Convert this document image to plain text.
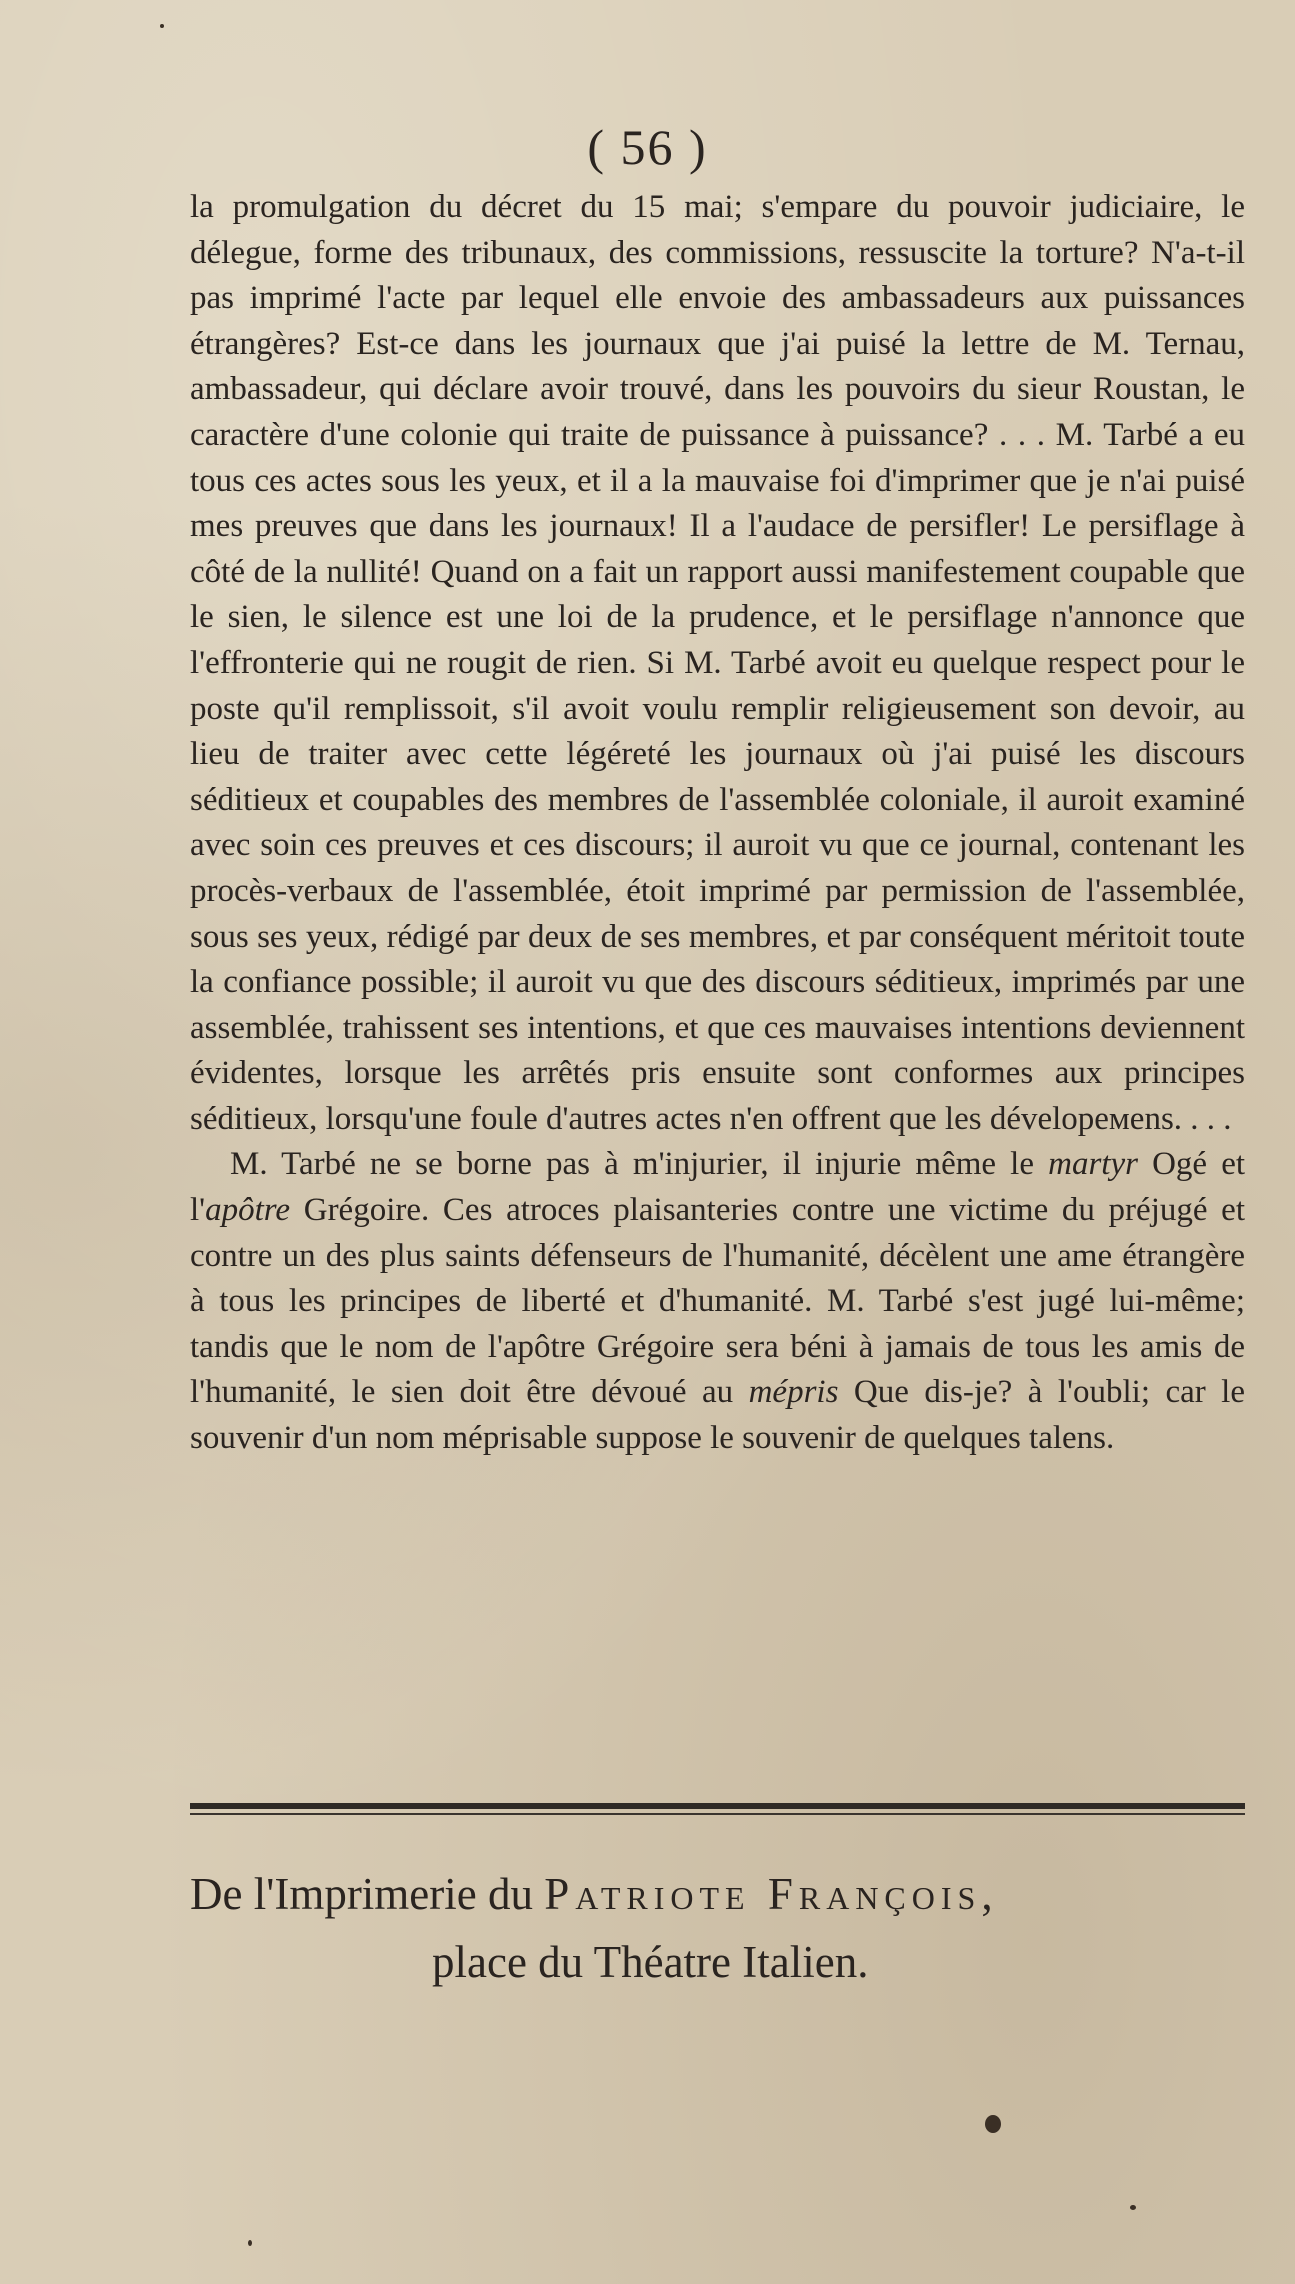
( 56 )

la promulgation du décret du 15 mai; s'empare du pouvoir judiciaire, le délegue, forme des tribunaux, des commissions, ressuscite la torture? N'a-t-il pas imprimé l'acte par lequel elle envoie des ambassadeurs aux puissances étrangères? Est-ce dans les journaux que j'ai puisé la lettre de M. Ternau, ambassadeur, qui déclare avoir trouvé, dans les pouvoirs du sieur Roustan, le caractère d'une colonie qui traite de puissance à puissance? . . . M. Tarbé a eu tous ces actes sous les yeux, et il a la mauvaise foi d'imprimer que je n'ai puisé mes preuves que dans les journaux! Il a l'audace de persifler! Le persiflage à côté de la nullité! Quand on a fait un rapport aussi manifestement coupable que le sien, le silence est une loi de la prudence, et le persiflage n'annonce que l'effronterie qui ne rougit de rien. Si M. Tarbé avoit eu quelque respect pour le poste qu'il remplissoit, s'il avoit voulu remplir religieusement son devoir, au lieu de traiter avec cette légéreté les journaux où j'ai puisé les discours séditieux et coupables des membres de l'assemblée coloniale, il auroit examiné avec soin ces preuves et ces discours; il auroit vu que ce journal, contenant les procès-verbaux de l'assemblée, étoit imprimé par permission de l'assemblée, sous ses yeux, rédigé par deux de ses membres, et par conséquent méritoit toute la confiance possible; il auroit vu que des discours séditieux, imprimés par une assemblée, trahissent ses intentions, et que ces mauvaises intentions deviennent évidentes, lorsque les arrêtés pris ensuite sont conformes aux principes séditieux, lorsqu'une foule d'autres actes n'en offrent que les dévelopемens. . . .

M. Tarbé ne se borne pas à m'injurier, il injurie même le martyr Ogé et l'apôtre Grégoire. Ces atroces plaisanteries contre une victime du préjugé et contre un des plus saints défenseurs de l'humanité, décèlent une ame étrangère à tous les principes de liberté et d'humanité. M. Tarbé s'est jugé lui-même; tandis que le nom de l'apôtre Grégoire sera béni à jamais de tous les amis de l'humanité, le sien doit être dévoué au mépris Que dis-je? à l'oubli; car le souvenir d'un nom méprisable suppose le souvenir de quelques talens.

De l'Imprimerie du Patriote François,
place du Théatre Italien.
